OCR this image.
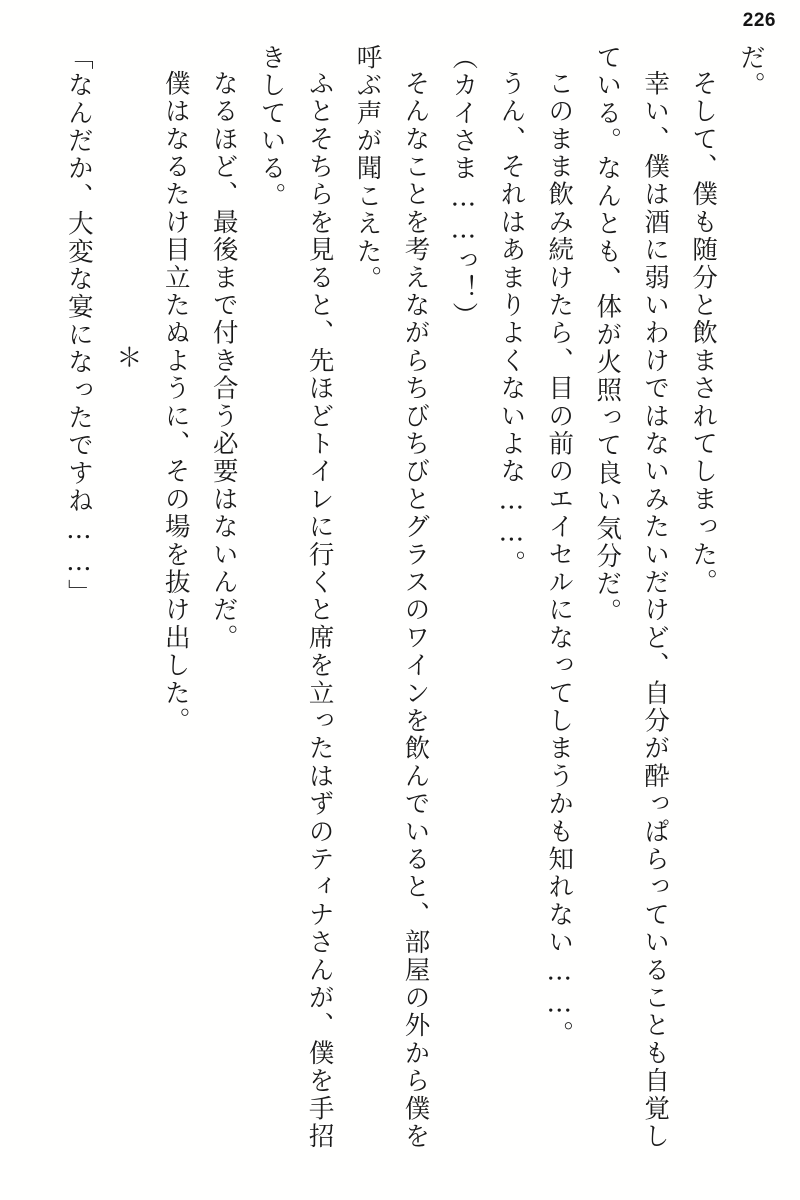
226

だ。

そして、僕も随分と飲まされてしまった。

幸い、僕は酒に弱いわけではないみたいだけど、自分が酔っぱらっていることも自覚している。なんとも、体が火照って良い気分だ。

このまま飲み続けたら、目の前のエイセルになってしまうかも知れない……。

うん、それはあまりよくないよな……。

（カイさま……っ！）

そんなことを考えながらちびちびとグラスのワインを飲んでいると、部屋の外から僕を呼ぶ声が聞こえた。

ふとそちらを見ると、先ほどトイレに行くと席を立ったはずのティナさんが、僕を手招きしている。

なるほど、最後まで付き合う必要はないんだ。

僕はなるたけ目立たぬように、その場を抜け出した。

＊

「なんだか、大変な宴になったですね……」
